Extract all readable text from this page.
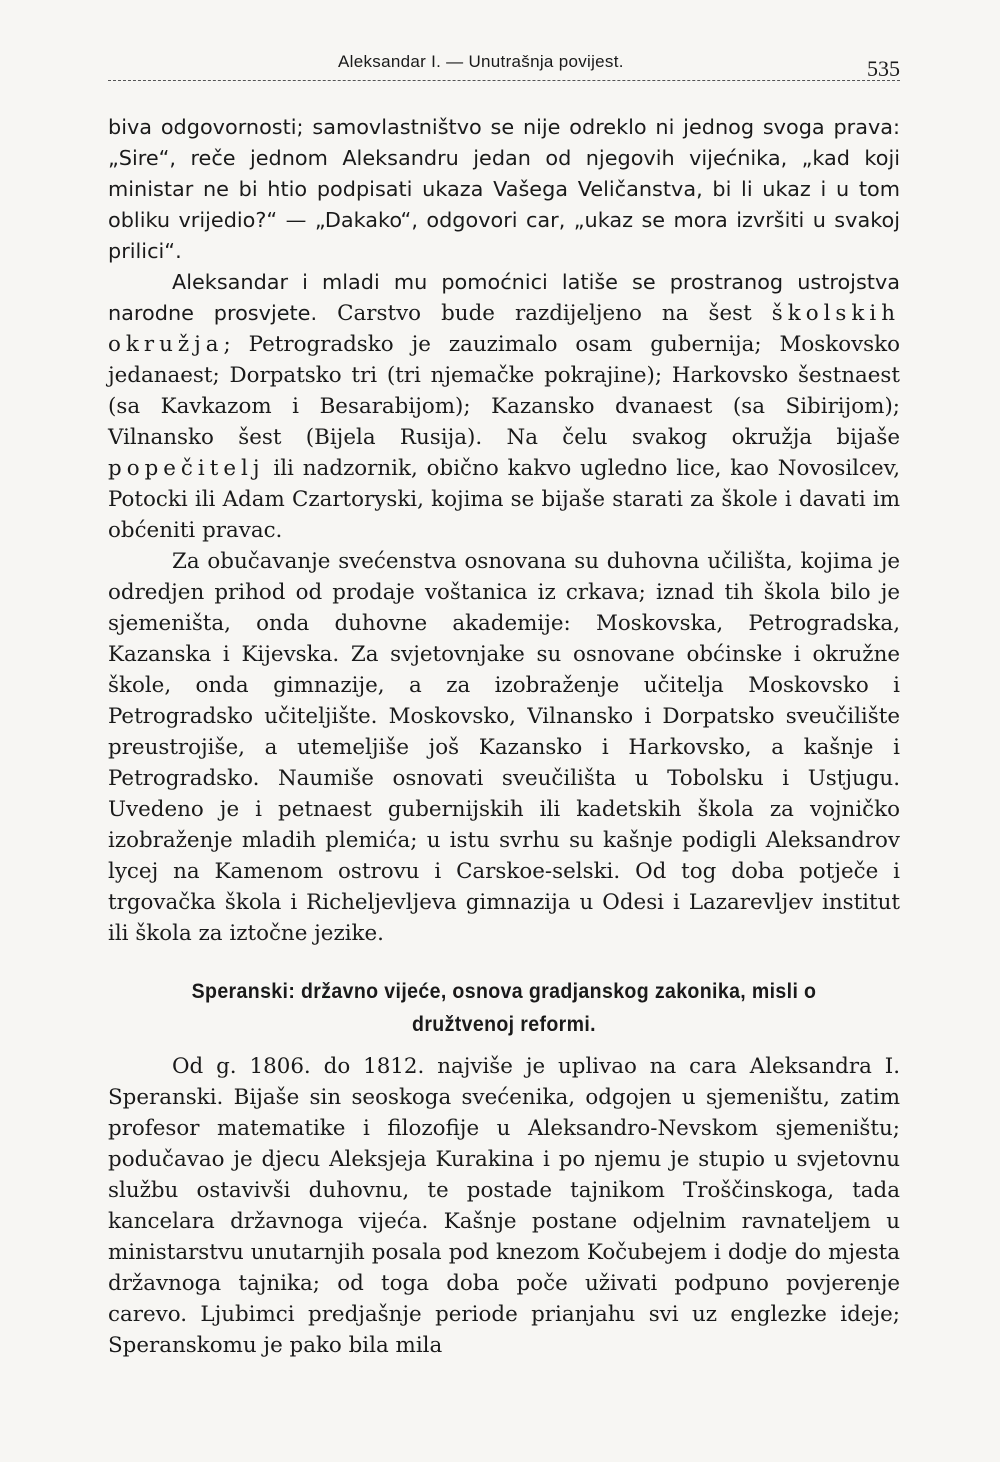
Aleksandar I. — Unutrašnja povijest.	535

biva odgovornosti; samovlastništvo se nije odreklo ni jednog svoga prava: „Sire“, reče jednom Aleksandru jedan od njegovih vijećnika, „kad koji ministar ne bi htio podpisati ukaza Vašega Veličanstva, bi li ukaz i u tom obliku vrijedio?“ — „Dakako“, odgovori car, „ukaz se mora izvršiti u svakoj prilici“.

Aleksandar i mladi mu pomoćnici latiše se prostranog ustrojstva narodne prosvjete. Carstvo bude razdijeljeno na šest školskih okružja; Petrogradsko je zauzimalo osam gubernija; Moskovsko jedanaest; Dorpatsko tri (tri njemačke pokrajine); Harkovsko šestnaest (sa Kavkazom i Besarabijom); Kazansko dvanaest (sa Sibirijom); Vilnansko šest (Bijela Rusija). Na čelu svakog okružja bijaše popečitelj ili nadzornik, obično kakvo ugledno lice, kao Novosilcev, Potocki ili Adam Czartoryski, kojima se bijaše starati za škole i davati im obćeniti pravac.

Za obučavanje svećenstva osnovana su duhovna učilišta, kojima je odredjen prihod od prodaje voštanica iz crkava; iznad tih škola bilo je sjemeništa, onda duhovne akademije: Moskovska, Petrogradska, Kazanska i Kijevska. Za svjetovnjake su osnovane obćinske i okružne škole, onda gimnazije, a za izobraženje učitelja Moskovsko i Petrogradsko učiteljište. Moskovsko, Vilnansko i Dorpatsko sveučilište preustrojiše, a utemeljiše još Kazansko i Harkovsko, a kašnje i Petrogradsko. Naumiše osnovati sveučilišta u Tobolsku i Ustjugu. Uvedeno je i petnaest gubernijskih ili kadetskih škola za vojničko izobraženje mladih plemića; u istu svrhu su kašnje podigli Aleksandrov lycej na Kamenom ostrovu i Carskoe-selski. Od tog doba potječe i trgovačka škola i Richeljevljeva gimnazija u Odesi i Lazarevljev institut ili škola za iztočne jezike.

Speranski: državno vijeće, osnova gradjanskog zakonika, misli o
družtvenoj reformi.

Od g. 1806. do 1812. najviše je uplivao na cara Aleksandra I. Speranski. Bijaše sin seoskoga svećenika, odgojen u sjemeništu, zatim profesor matematike i filozofije u Aleksandro-Nevskom sjemeništu; podučavao je djecu Aleksjeja Kurakina i po njemu je stupio u svjetovnu službu ostavivši duhovnu, te postade tajnikom Troščinskoga, tada kancelara državnoga vijeća. Kašnje postane odjelnim ravnateljem u ministarstvu unutarnjih posala pod knezom Kočubejem i dodje do mjesta državnoga tajnika; od toga doba poče uživati podpuno povjerenje carevo. Ljubimci predjašnje periode prianjahu svi uz englezke ideje; Speranskomu je pako bila mila
